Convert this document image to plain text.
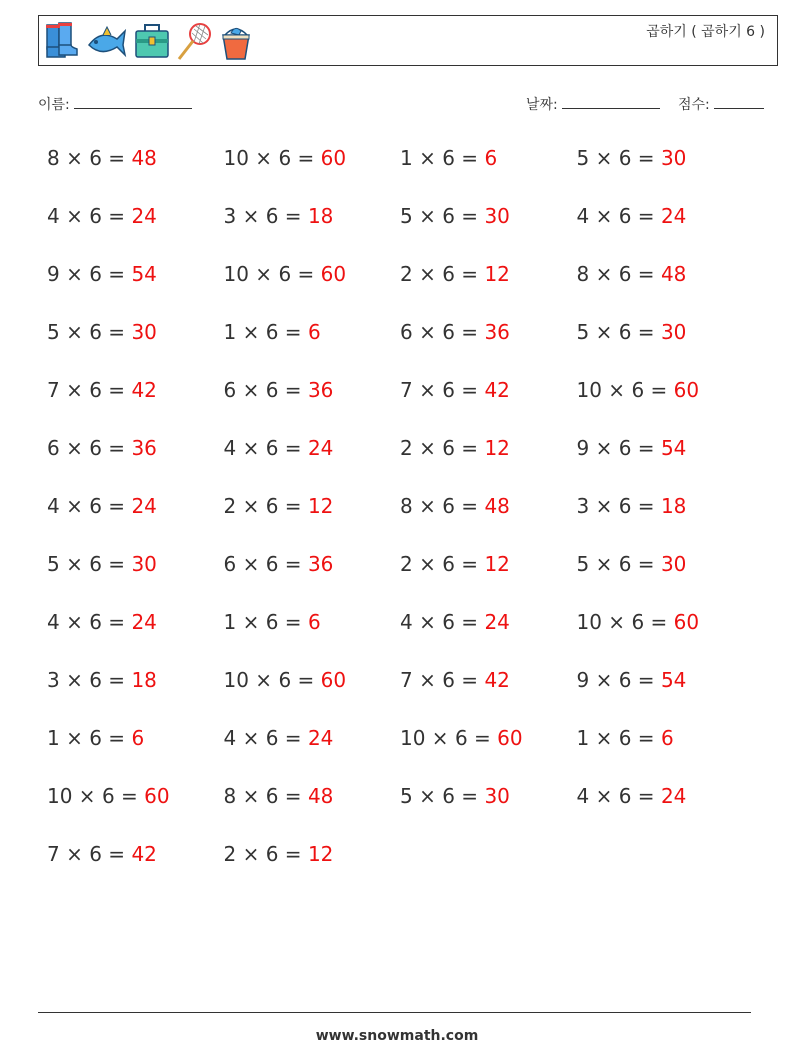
곱하기 ( 곱하기 6 )
이름:	날짜:	점수:
8 × 6 = 48
4 × 6 = 24
9 × 6 = 54
5 × 6 = 30
7 × 6 = 42
6 × 6 = 36
4 × 6 = 24
5 × 6 = 30
4 × 6 = 24
3 × 6 = 18
1 × 6 = 6
10 × 6 = 60
7 × 6 = 42
10 × 6 = 60
3 × 6 = 18
10 × 6 = 60
1 × 6 = 6
6 × 6 = 36
4 × 6 = 24
2 × 6 = 12
6 × 6 = 36
1 × 6 = 6
10 × 6 = 60
4 × 6 = 24
8 × 6 = 48
2 × 6 = 12
1 × 6 = 6
5 × 6 = 30
2 × 6 = 12
6 × 6 = 36
7 × 6 = 42
2 × 6 = 12
8 × 6 = 48
2 × 6 = 12
4 × 6 = 24
7 × 6 = 42
10 × 6 = 60
5 × 6 = 30
5 × 6 = 30
4 × 6 = 24
8 × 6 = 48
5 × 6 = 30
10 × 6 = 60
9 × 6 = 54
3 × 6 = 18
5 × 6 = 30
10 × 6 = 60
9 × 6 = 54
1 × 6 = 6
4 × 6 = 24
www.snowmath.com
